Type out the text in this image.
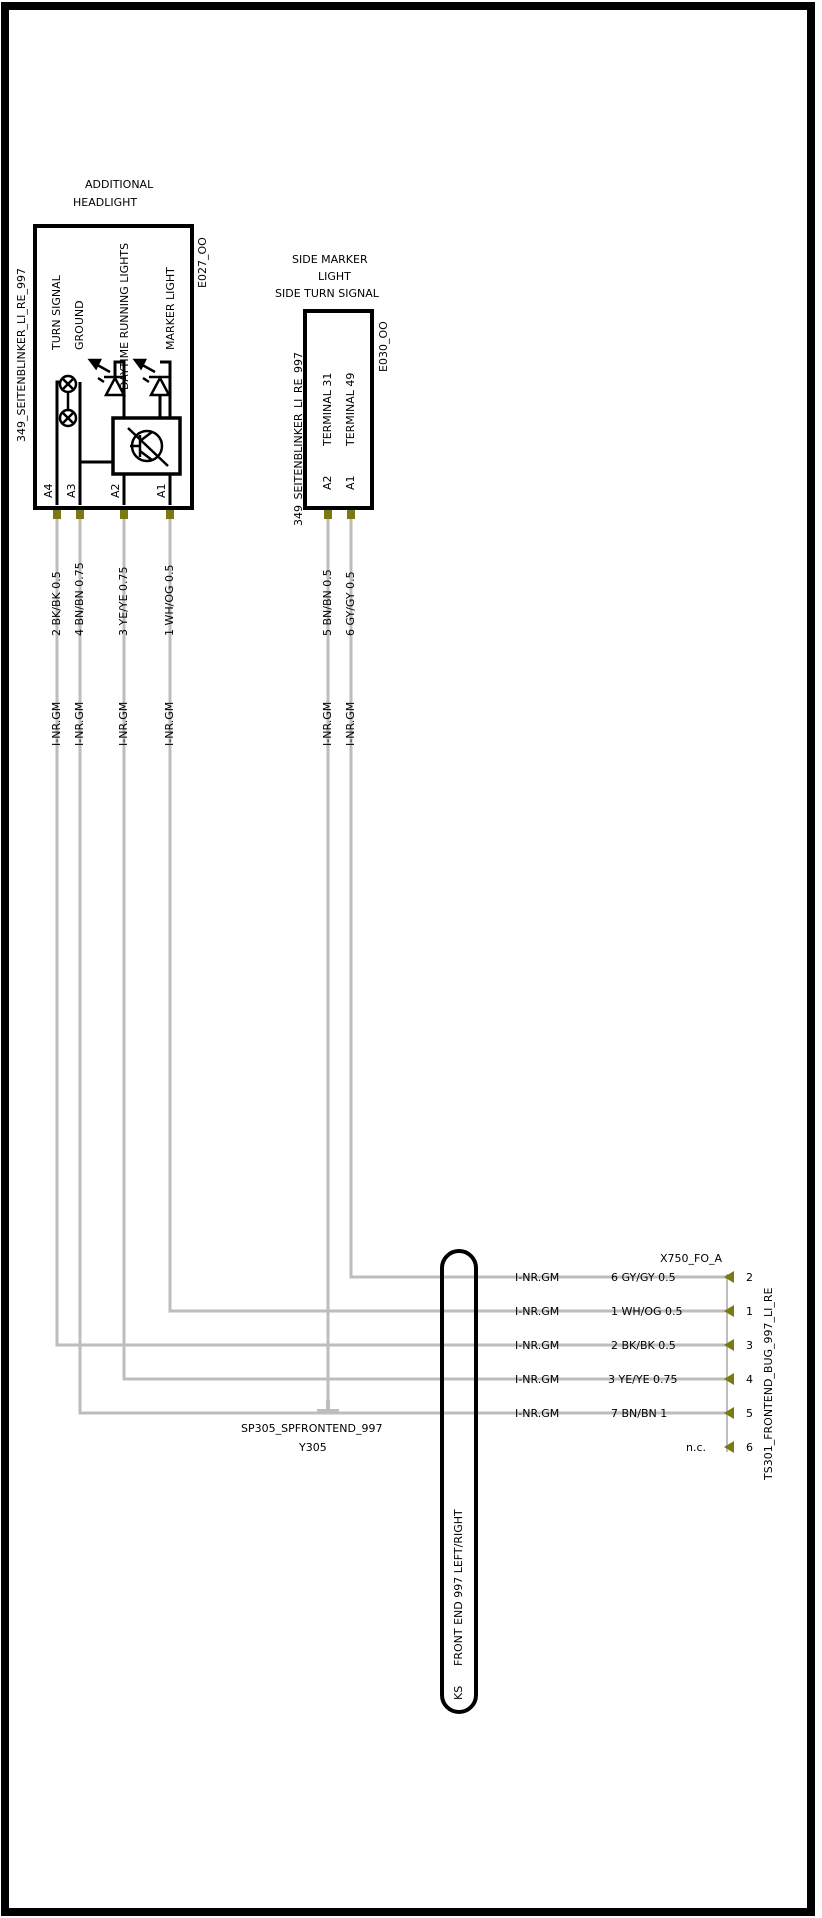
ADDITIONAL
HEADLIGHT
349_SEITENBLINKER_LI_RE_997
E027_OO
TURN SIGNAL GROUND	DAYTIME RUNNING LIGHTS	MARKER LIGHT
A4 A3	A2	A1
2 BK/BK 0.5 4 BN/BN 0.75	3 YE/YE 0.75	1 WH/OG 0.5
I-NR.GM I-NR.GM	I-NR.GM	I-NR.GM
SIDE MARKER
LIGHT
SIDE TURN SIGNAL
349_SEITENBLINKER_LI_RE_997
E030_OO
TERMINAL 31 TERMINAL 49
A2 A1
5 BN/BN 0.5 6 GY/GY 0.5
I-NR.GM I-NR.GM
SP305_SPFRONTEND_997
Y305
KS
FRONT END 997 LEFT/RIGHT
X750_FO_A
TS301_FRONTEND_BUG_997_LI_RE
I-NR.GM	6 GY/GY 0.5	2
I-NR.GM	1 WH/OG 0.5	1
I-NR.GM	2 BK/BK 0.5	3
I-NR.GM	3 YE/YE 0.75	4
I-NR.GM	7 BN/BN 1	5
n.c.	6
